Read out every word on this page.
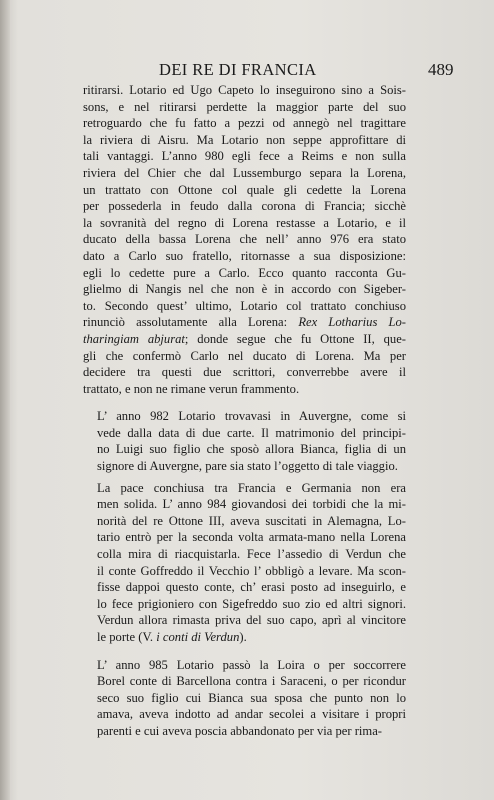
DEI RE DI FRANCIA	489
ritirarsi. Lotario ed Ugo Capeto lo inseguirono sino a Sois-
sons, e nel ritirarsi perdette la maggior parte del suo
retroguardo che fu fatto a pezzi od annegò nel tragittare
la riviera di Aisru. Ma Lotario non seppe approfittare di
tali vantaggi. L’anno 980 egli fece a Reims e non sulla
riviera del Chier che dal Lussemburgo separa la Lorena,
un trattato con Ottone col quale gli cedette la Lorena
per possederla in feudo dalla corona di Francia; sicchè
la sovranità del regno di Lorena restasse a Lotario, e il
ducato della bassa Lorena che nell’ anno 976 era stato
dato a Carlo suo fratello, ritornasse a sua disposizione:
egli lo cedette pure a Carlo. Ecco quanto racconta Gu-
glielmo di Nangis nel che non è in accordo con Sigeber-
to. Secondo quest’ ultimo, Lotario col trattato conchiuso
rinunciò assolutamente alla Lorena: Rex Lotharius Lo-
tharingiam abjurat; donde segue che fu Ottone II, que-
gli che confermò Carlo nel ducato di Lorena. Ma per
decidere tra questi due scrittori, converrebbe avere il
trattato, e non ne rimane verun frammento.
L’ anno 982 Lotario trovavasi in Auvergne, come si
vede dalla data di due carte. Il matrimonio del principi-
no Luigi suo figlio che sposò allora Bianca, figlia di un
signore di Auvergne, pare sia stato l’oggetto di tale viaggio.
La pace conchiusa tra Francia e Germania non era
men solida. L’ anno 984 giovandosi dei torbidi che la mi-
norità del re Ottone III, aveva suscitati in Alemagna, Lo-
tario entrò per la seconda volta armata-mano nella Lorena
colla mira di riacquistarla. Fece l’assedio di Verdun che
il conte Goffreddo il Vecchio l’ obbligò a levare. Ma scon-
fisse dappoi questo conte, ch’ erasi posto ad inseguirlo, e
lo fece prigioniero con Sigefreddo suo zio ed altri signori.
Verdun allora rimasta priva del suo capo, aprì al vincitore
le porte (V. i conti di Verdun).
L’ anno 985 Lotario passò la Loira o per soccorrere
Borel conte di Barcellona contra i Saraceni, o per ricondur
seco suo figlio cui Bianca sua sposa che punto non lo
amava, aveva indotto ad andar secolei a visitare i propri
parenti e cui aveva poscia abbandonato per via per rima-
